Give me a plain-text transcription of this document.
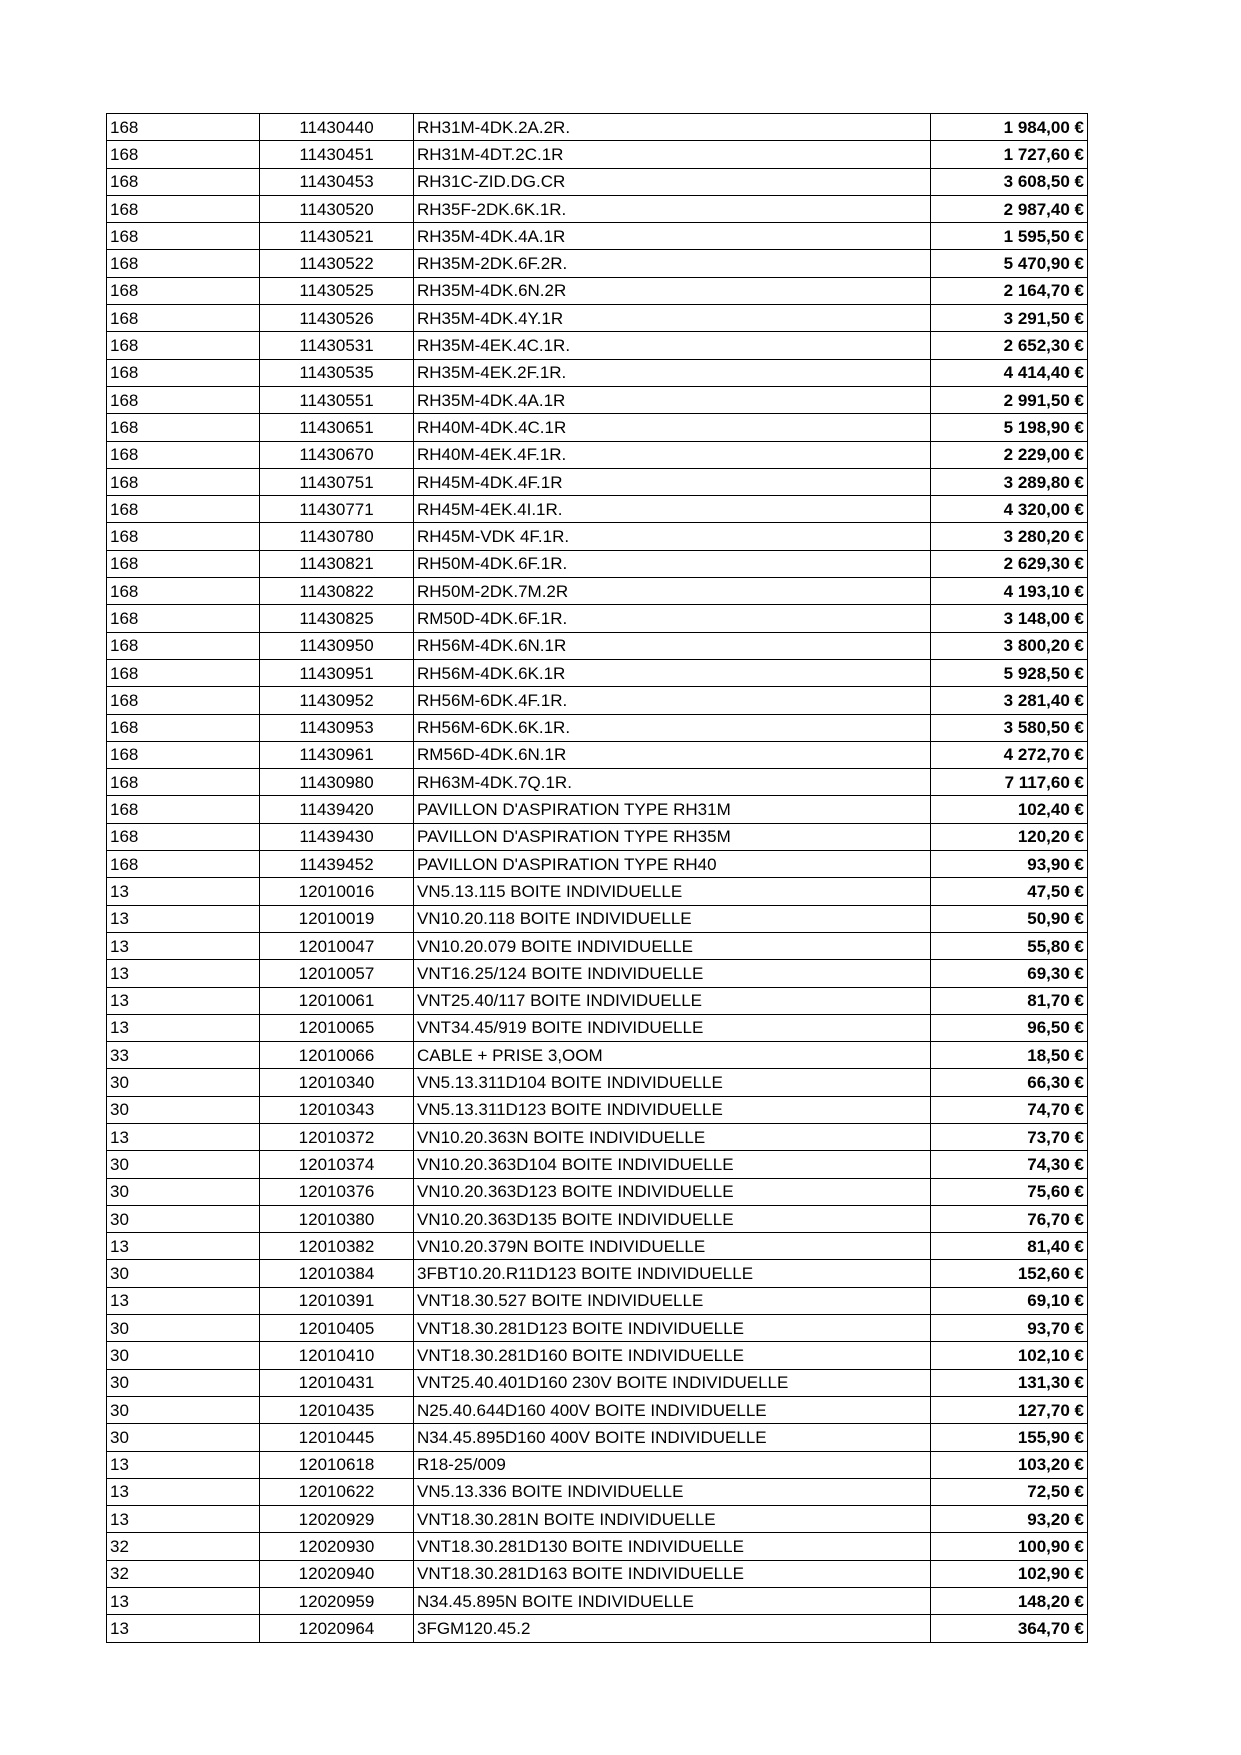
168	11430440	RH31M-4DK.2A.2R.	1 984,00 €
168	11430451	RH31M-4DT.2C.1R	1 727,60 €
168	11430453	RH31C-ZID.DG.CR	3 608,50 €
168	11430520	RH35F-2DK.6K.1R.	2 987,40 €
168	11430521	RH35M-4DK.4A.1R	1 595,50 €
168	11430522	RH35M-2DK.6F.2R.	5 470,90 €
168	11430525	RH35M-4DK.6N.2R	2 164,70 €
168	11430526	RH35M-4DK.4Y.1R	3 291,50 €
168	11430531	RH35M-4EK.4C.1R.	2 652,30 €
168	11430535	RH35M-4EK.2F.1R.	4 414,40 €
168	11430551	RH35M-4DK.4A.1R	2 991,50 €
168	11430651	RH40M-4DK.4C.1R	5 198,90 €
168	11430670	RH40M-4EK.4F.1R.	2 229,00 €
168	11430751	RH45M-4DK.4F.1R	3 289,80 €
168	11430771	RH45M-4EK.4I.1R.	4 320,00 €
168	11430780	RH45M-VDK 4F.1R.	3 280,20 €
168	11430821	RH50M-4DK.6F.1R.	2 629,30 €
168	11430822	RH50M-2DK.7M.2R	4 193,10 €
168	11430825	RM50D-4DK.6F.1R.	3 148,00 €
168	11430950	RH56M-4DK.6N.1R	3 800,20 €
168	11430951	RH56M-4DK.6K.1R	5 928,50 €
168	11430952	RH56M-6DK.4F.1R.	3 281,40 €
168	11430953	RH56M-6DK.6K.1R.	3 580,50 €
168	11430961	RM56D-4DK.6N.1R	4 272,70 €
168	11430980	RH63M-4DK.7Q.1R.	7 117,60 €
168	11439420	PAVILLON D'ASPIRATION TYPE RH31M	102,40 €
168	11439430	PAVILLON D'ASPIRATION TYPE RH35M	120,20 €
168	11439452	PAVILLON D'ASPIRATION TYPE RH40	93,90 €
13	12010016	VN5.13.115 BOITE INDIVIDUELLE	47,50 €
13	12010019	VN10.20.118 BOITE INDIVIDUELLE	50,90 €
13	12010047	VN10.20.079 BOITE INDIVIDUELLE	55,80 €
13	12010057	VNT16.25/124 BOITE INDIVIDUELLE	69,30 €
13	12010061	VNT25.40/117 BOITE INDIVIDUELLE	81,70 €
13	12010065	VNT34.45/919 BOITE INDIVIDUELLE	96,50 €
33	12010066	CABLE + PRISE 3,OOM	18,50 €
30	12010340	VN5.13.311D104 BOITE INDIVIDUELLE	66,30 €
30	12010343	VN5.13.311D123 BOITE INDIVIDUELLE	74,70 €
13	12010372	VN10.20.363N BOITE INDIVIDUELLE	73,70 €
30	12010374	VN10.20.363D104 BOITE INDIVIDUELLE	74,30 €
30	12010376	VN10.20.363D123 BOITE INDIVIDUELLE	75,60 €
30	12010380	VN10.20.363D135 BOITE INDIVIDUELLE	76,70 €
13	12010382	VN10.20.379N BOITE INDIVIDUELLE	81,40 €
30	12010384	3FBT10.20.R11D123 BOITE INDIVIDUELLE	152,60 €
13	12010391	VNT18.30.527 BOITE INDIVIDUELLE	69,10 €
30	12010405	VNT18.30.281D123 BOITE INDIVIDUELLE	93,70 €
30	12010410	VNT18.30.281D160 BOITE INDIVIDUELLE	102,10 €
30	12010431	VNT25.40.401D160 230V BOITE INDIVIDUELLE	131,30 €
30	12010435	N25.40.644D160 400V BOITE INDIVIDUELLE	127,70 €
30	12010445	N34.45.895D160 400V BOITE INDIVIDUELLE	155,90 €
13	12010618	R18-25/009	103,20 €
13	12010622	VN5.13.336 BOITE INDIVIDUELLE	72,50 €
13	12020929	VNT18.30.281N BOITE INDIVIDUELLE	93,20 €
32	12020930	VNT18.30.281D130 BOITE INDIVIDUELLE	100,90 €
32	12020940	VNT18.30.281D163 BOITE INDIVIDUELLE	102,90 €
13	12020959	N34.45.895N BOITE INDIVIDUELLE	148,20 €
13	12020964	3FGM120.45.2	364,70 €
